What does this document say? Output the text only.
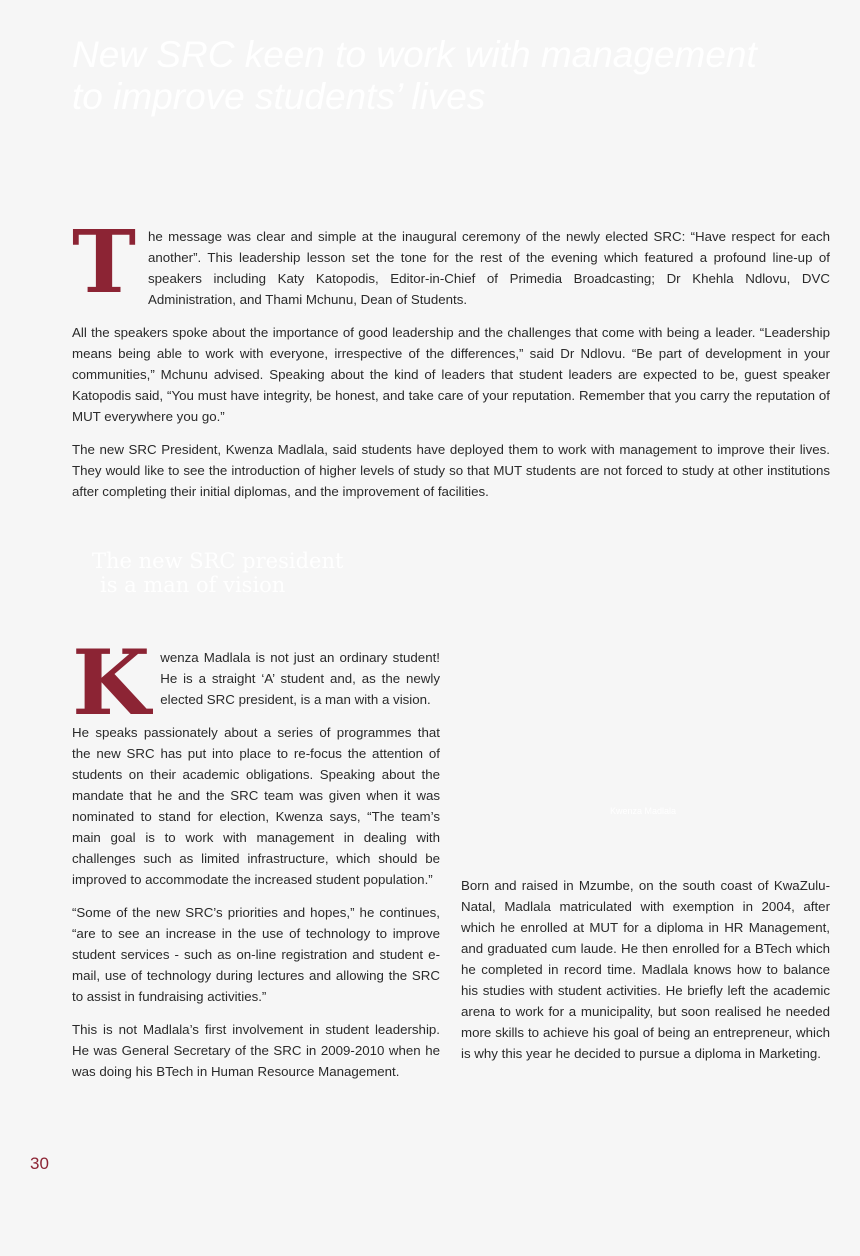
New SRC keen to work with management
to improve students’ lives
T he message was clear and simple at the inaugural ceremony of the newly elected SRC: “Have respect for each another”. This leadership lesson set the tone for the rest of the evening which featured a profound line-up of speakers including Katy Katopodis, Editor-in-Chief of Primedia Broadcasting; Dr Khehla Ndlovu, DVC Administration, and Thami Mchunu, Dean of Students.

All the speakers spoke about the importance of good leadership and the challenges that come with being a leader. “Leadership means being able to work with everyone, irrespective of the differences,” said Dr Ndlovu. “Be part of development in your communities,” Mchunu advised. Speaking about the kind of leaders that student leaders are expected to be, guest speaker Katopodis said, “You must have integrity, be honest, and take care of your reputation. Remember that you carry the reputation of MUT everywhere you go.”

The new SRC President, Kwenza Madlala, said students have deployed them to work with management to improve their lives. They would like to see the introduction of higher levels of study so that MUT students are not forced to study at other institutions after completing their initial diplomas, and the improvement of facilities.

The new SRC president
is a man of vision
K wenza Madlala is not just an ordinary student! He is a straight ‘A’ student and, as the newly elected SRC president, is a man with a vision.

He speaks passionately about a series of programmes that the new SRC has put into place to re-focus the attention of students on their academic obligations. Speaking about the mandate that he and the SRC team was given when it was nominated to stand for election, Kwenza says, “The team’s main goal is to work with management in dealing with challenges such as limited infrastructure, which should be improved to accommodate the increased student population.”

“Some of the new SRC’s priorities and hopes,” he continues, “are to see an increase in the use of technology to improve student services - such as on-line registration and student e-mail, use of technology during lectures and allowing the SRC to assist in fundraising activities.”

This is not Madlala’s first involvement in student leadership. He was General Secretary of the SRC in 2009-2010 when he was doing his BTech in Human Resource Management.

Kwenza Madlala

Born and raised in Mzumbe, on the south coast of KwaZulu-Natal, Madlala matriculated with exemption in 2004, after which he enrolled at MUT for a diploma in HR Management, and graduated cum laude. He then enrolled for a BTech which he completed in record time. Madlala knows how to balance his studies with student activities. He briefly left the academic arena to work for a municipality, but soon realised he needed more skills to achieve his goal of being an entrepreneur, which is why this year he decided to pursue a diploma in Marketing.

30
